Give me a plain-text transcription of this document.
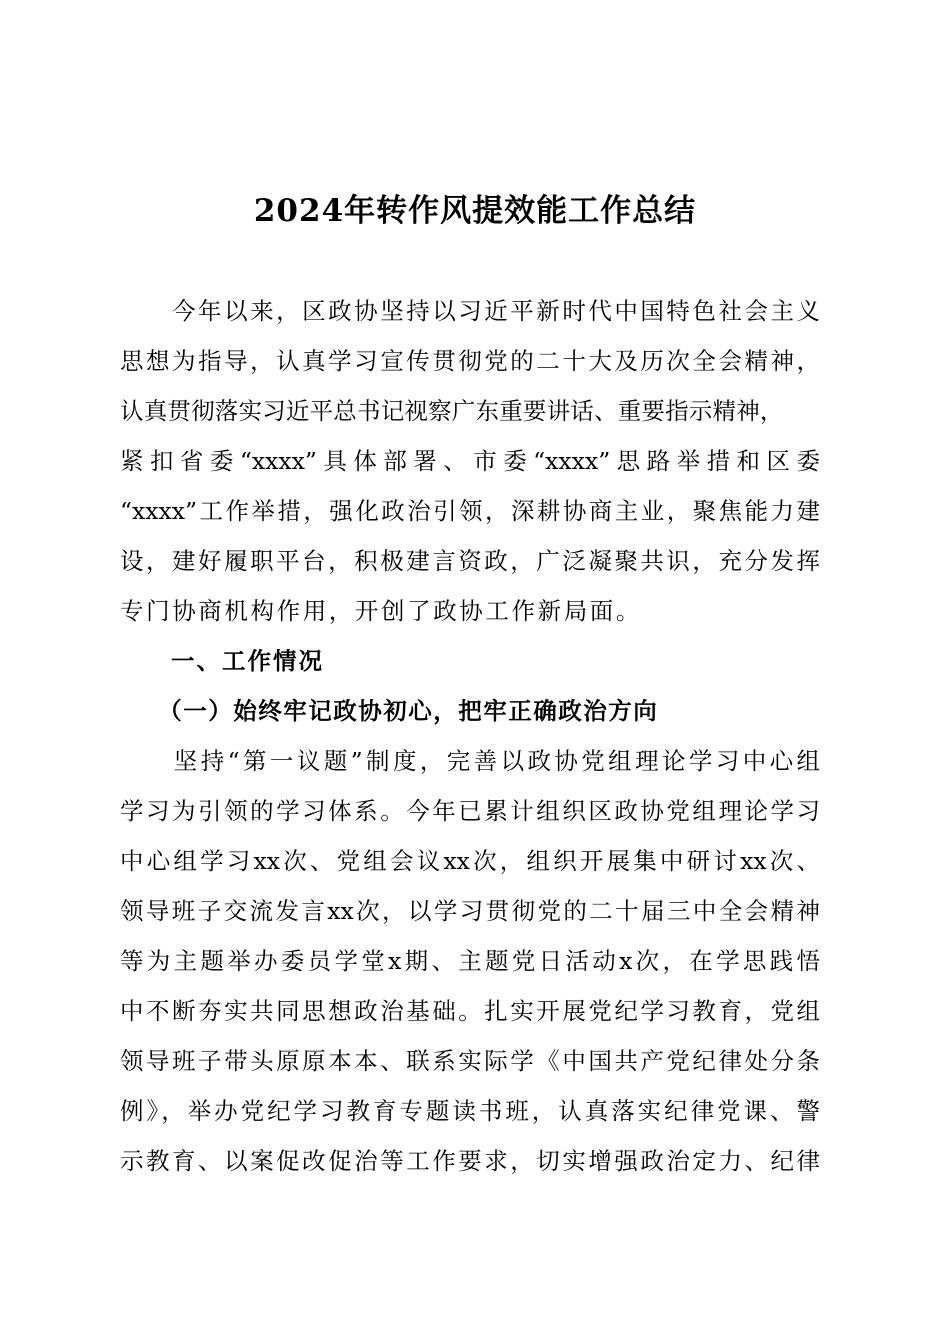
2024年转作风提效能工作总结
　　今年以来，区政协坚持以习近平新时代中国特色社会主义
思想为指导，认真学习宣传贯彻党的二十大及历次全会精神，
认真贯彻落实习近平总书记视察广东重要讲话、重要指示精神，
紧扣省委“xxxx”具体部署、市委“xxxx”思路举措和区委
“xxxx”工作举措，强化政治引领，深耕协商主业，聚焦能力建
设，建好履职平台，积极建言资政，广泛凝聚共识，充分发挥
专门协商机构作用，开创了政协工作新局面。
　　一、工作情况
　　（一）始终牢记政协初心，把牢正确政治方向
　　坚持“第一议题”制度，完善以政协党组理论学习中心组
学习为引领的学习体系。今年已累计组织区政协党组理论学习
中心组学习xx次、党组会议xx次，组织开展集中研讨xx次、
领导班子交流发言xx次，以学习贯彻党的二十届三中全会精神
等为主题举办委员学堂x期、主题党日活动x次，在学思践悟
中不断夯实共同思想政治基础。扎实开展党纪学习教育，党组
领导班子带头原原本本、联系实际学《中国共产党纪律处分条
例》，举办党纪学习教育专题读书班，认真落实纪律党课、警
示教育、以案促改促治等工作要求，切实增强政治定力、纪律
